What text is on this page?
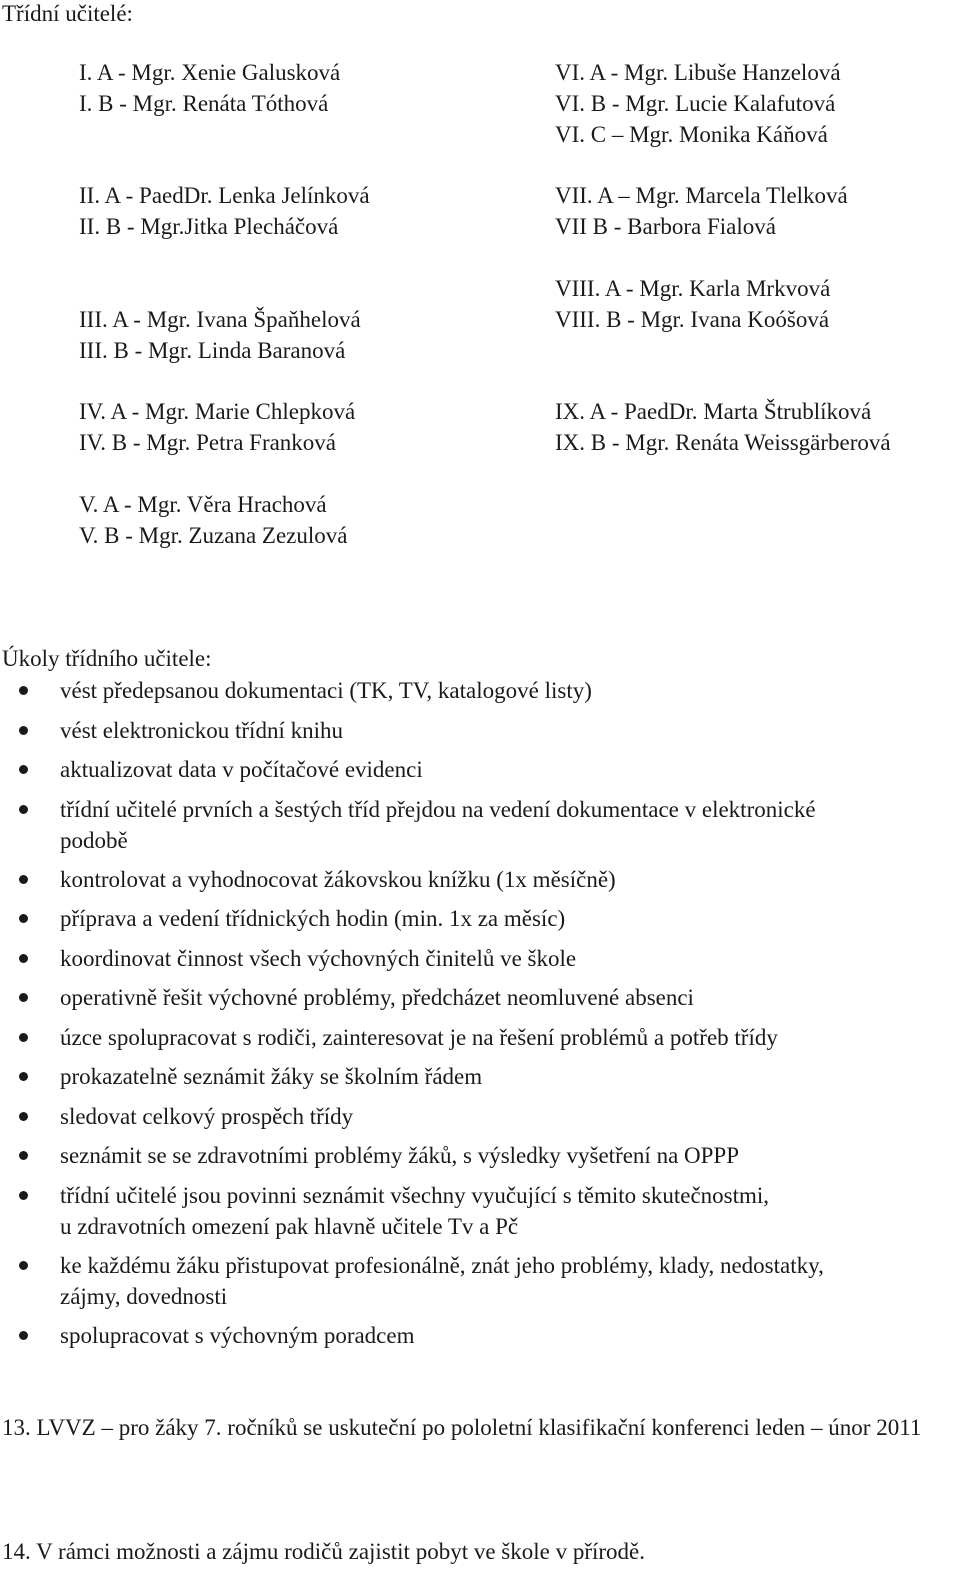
Třídní učitelé:
I. A - Mgr. Xenie Galusková
I. B - Mgr. Renáta Tóthová
II. A - PaedDr. Lenka Jelínková
II. B - Mgr.Jitka Plecháčová
III. A - Mgr. Ivana Špaňhelová
III. B - Mgr. Linda Baranová
IV. A - Mgr. Marie Chlepková
IV. B - Mgr. Petra Franková
V. A - Mgr. Věra Hrachová
V. B - Mgr. Zuzana Zezulová
VI. A - Mgr. Libuše Hanzelová
VI. B - Mgr. Lucie Kalafutová
VI. C – Mgr. Monika Káňová
VII. A – Mgr. Marcela Tlelková
VII B - Barbora Fialová
VIII. A - Mgr. Karla Mrkvová
VIII. B - Mgr. Ivana Koóšová
IX. A - PaedDr. Marta Štrublíková
IX. B - Mgr. Renáta Weissgärberová
Úkoly třídního učitele:
vést předepsanou dokumentaci (TK, TV, katalogové listy)
vést elektronickou třídní knihu
aktualizovat data v počítačové evidenci
třídní učitelé prvních a šestých tříd přejdou na vedení dokumentace v elektronické
podobě
kontrolovat a vyhodnocovat žákovskou knížku (1x měsíčně)
příprava a vedení třídnických hodin (min. 1x za měsíc)
koordinovat činnost všech výchovných činitelů ve škole
operativně řešit výchovné problémy, předcházet neomluvené absenci
úzce spolupracovat s rodiči, zainteresovat je na řešení problémů a potřeb třídy
prokazatelně seznámit žáky se školním řádem
sledovat celkový prospěch třídy
seznámit se se zdravotními problémy žáků, s výsledky vyšetření na OPPP
třídní učitelé jsou povinni seznámit všechny vyučující s těmito skutečnostmi,
u zdravotních omezení pak hlavně učitele Tv a Pč
ke každému žáku přistupovat profesionálně, znát jeho problémy, klady, nedostatky,
zájmy, dovednosti
spolupracovat s výchovným poradcem
13. LVVZ – pro žáky 7. ročníků se uskuteční po pololetní klasifikační konferenci leden – únor 2011
14. V rámci možnosti a zájmu rodičů zajistit pobyt ve škole v přírodě.
